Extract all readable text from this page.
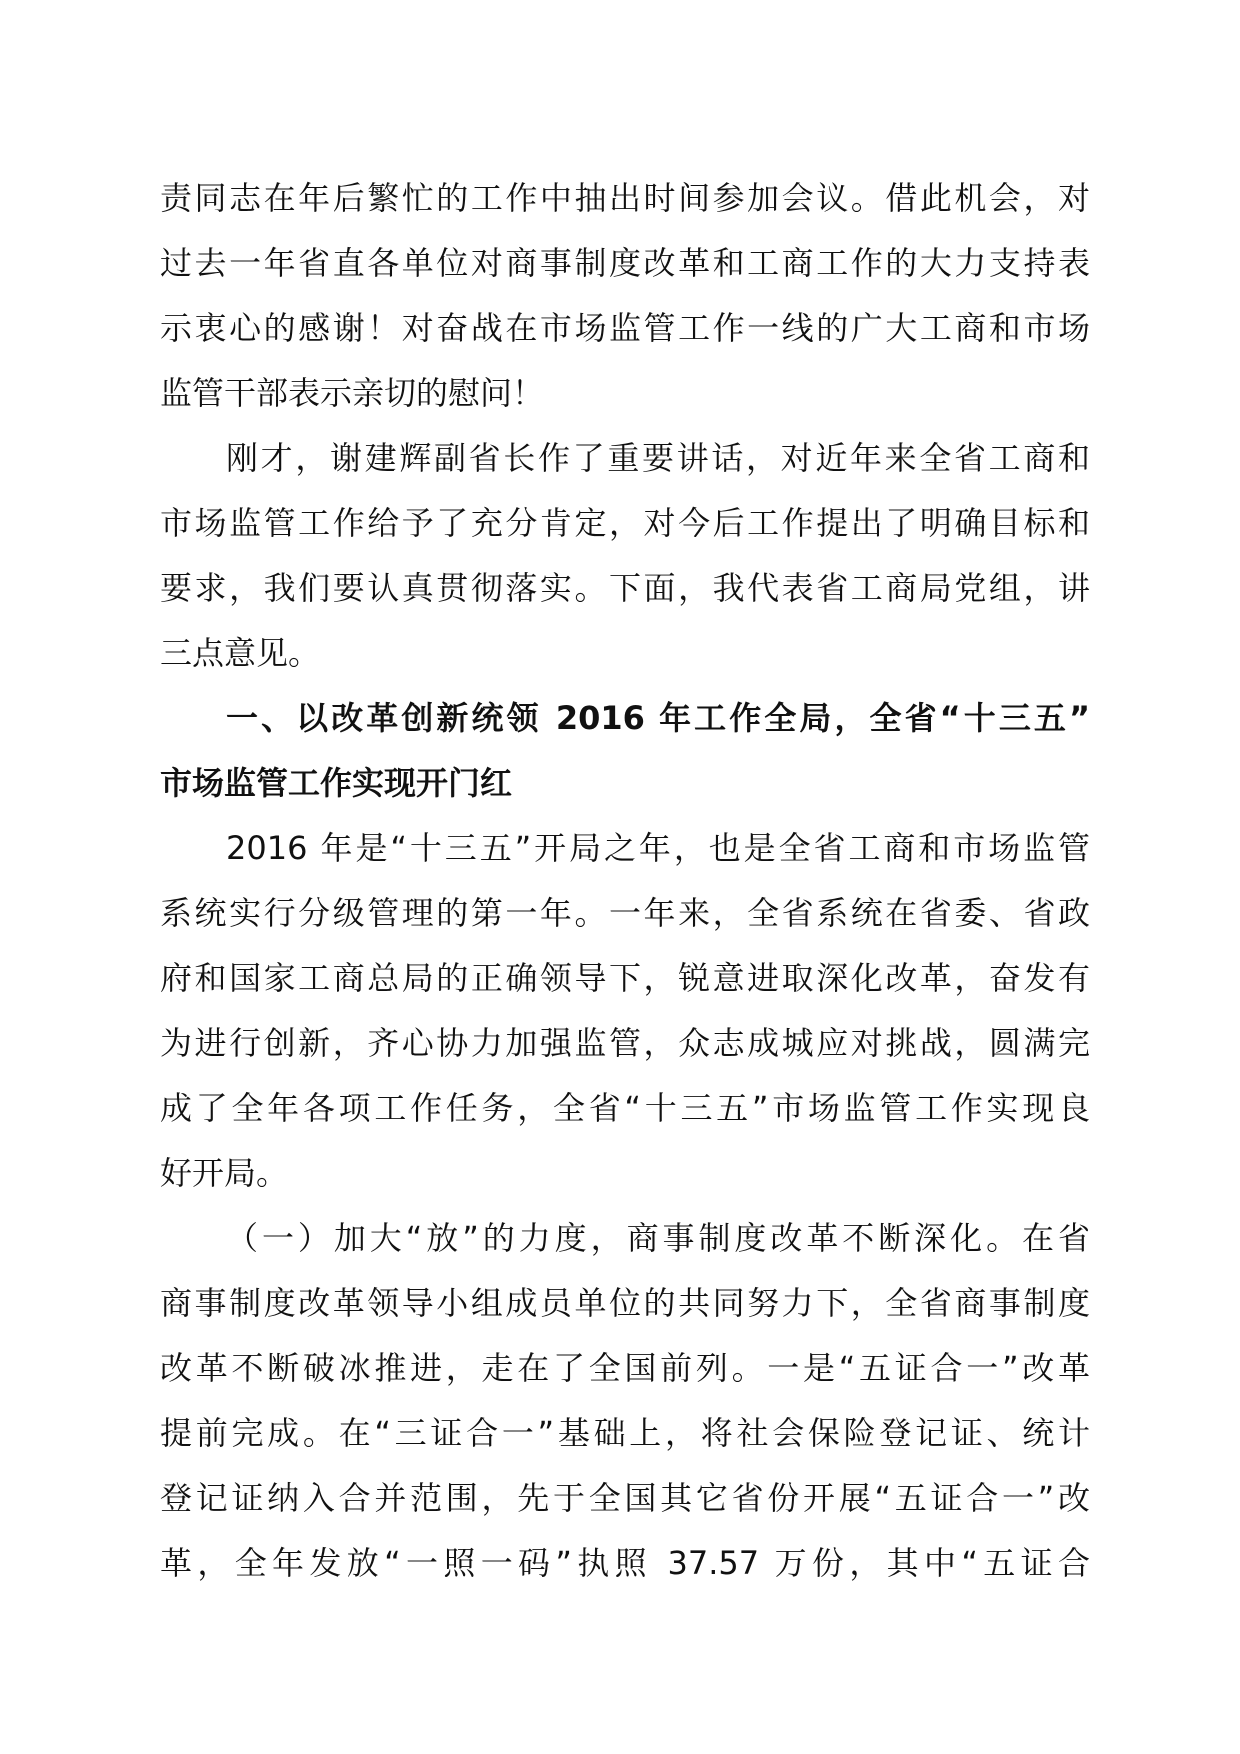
责同志在年后繁忙的工作中抽出时间参加会议。借此机会，对
过去一年省直各单位对商事制度改革和工商工作的大力支持表
示衷心的感谢！对奋战在市场监管工作一线的广大工商和市场
监管干部表示亲切的慰问！
刚才，谢建辉副省长作了重要讲话，对近年来全省工商和
市场监管工作给予了充分肯定，对今后工作提出了明确目标和
要求，我们要认真贯彻落实。下面，我代表省工商局党组，讲
三点意见。
一、以改革创新统领 2016 年工作全局，全省“十三五”
市场监管工作实现开门红
2016 年是“十三五”开局之年，也是全省工商和市场监管
系统实行分级管理的第一年。一年来，全省系统在省委、省政
府和国家工商总局的正确领导下，锐意进取深化改革，奋发有
为进行创新，齐心协力加强监管，众志成城应对挑战，圆满完
成了全年各项工作任务，全省“十三五”市场监管工作实现良
好开局。
（一）加大“放”的力度，商事制度改革不断深化。在省
商事制度改革领导小组成员单位的共同努力下，全省商事制度
改革不断破冰推进，走在了全国前列。一是“五证合一”改革
提前完成。在“三证合一”基础上，将社会保险登记证、统计
登记证纳入合并范围，先于全国其它省份开展“五证合一”改
革，全年发放“一照一码”执照 37.57 万份，其中“五证合
